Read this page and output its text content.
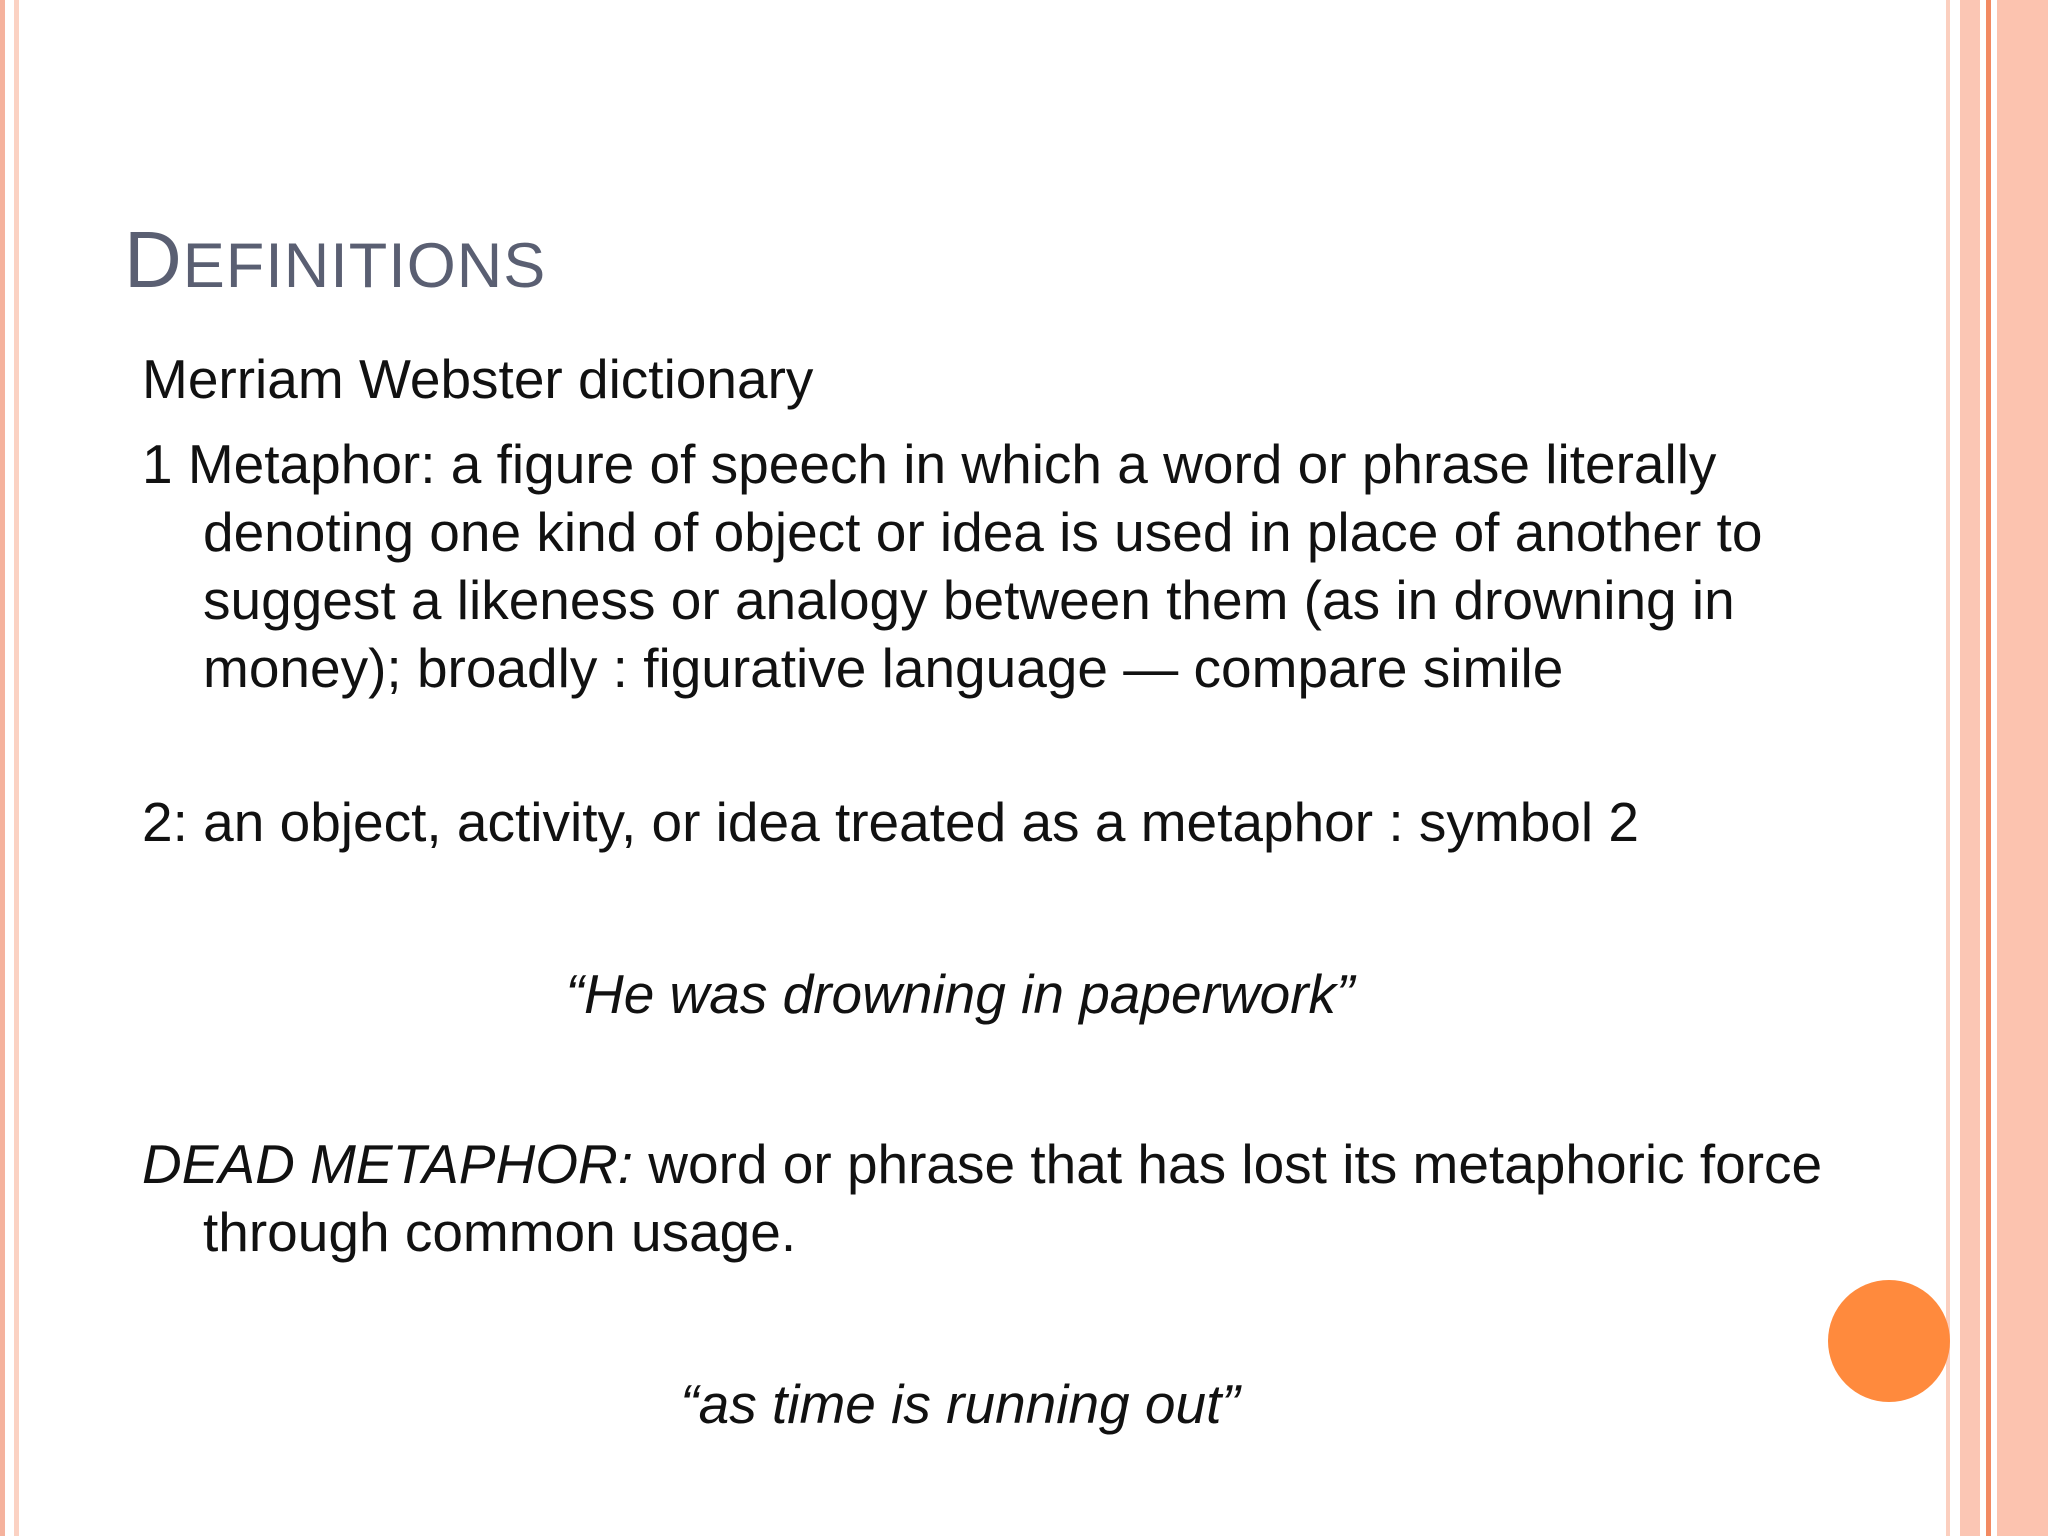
DEFINITIONS
Merriam Webster dictionary
1 Metaphor: a figure of speech in which a word or phrase literally denoting one kind of object or idea is used in place of another to suggest a likeness or analogy between them (as in drowning in money); broadly : figurative language — compare simile
2: an object, activity, or idea treated as a metaphor : symbol 2
“He was drowning in paperwork”
DEAD METAPHOR: word or phrase that has lost its metaphoric force through common usage.
“as time is running out”
